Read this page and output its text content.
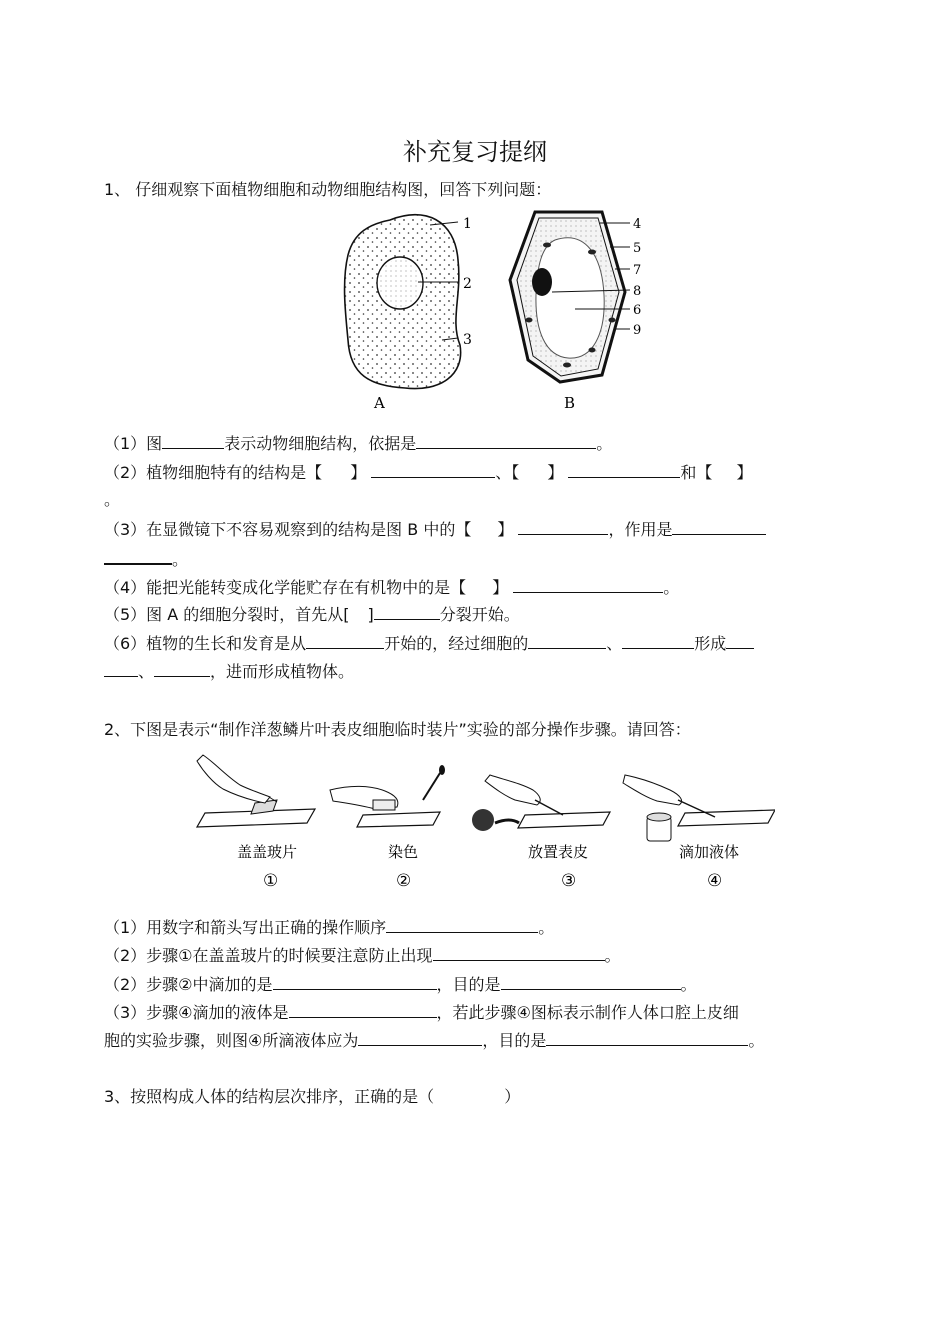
补充复习提纲
1、 仔细观察下面植物细胞和动物细胞结构图，回答下列问题：
1
2
3
A
4
5
7
8
6
9
B
（1）图	表示动物细胞结构，依据是	。
（2）植物细胞特有的结构是【 】	、【 】	和【 】
。
（3）在显微镜下不容易观察到的结构是图 B 中的【 】	，作用是
。
（4）能把光能转变成化学能贮存在有机物中的是【 】	。
（5）图 A 的细胞分裂时，首先从[ ]	分裂开始。
（6）植物的生长和发育是从	开始的，经过细胞的	、	形成
、	，进而形成植物体。
2、下图是表示“制作洋葱鳞片叶表皮细胞临时装片”实验的部分操作步骤。请回答：
盖盖玻片
①
染色
②
放置表皮
③
滴加液体
④
（1）用数字和箭头写出正确的操作顺序	。
（2）步骤①在盖盖玻片的时候要注意防止出现	。
（2）步骤②中滴加的是	，目的是	。
（3）步骤④滴加的液体是	，若此步骤④图标表示制作人体口腔上皮细
胞的实验步骤，则图④所滴液体应为	，目的是	。
3、按照构成人体的结构层次排序，正确的是（	）
